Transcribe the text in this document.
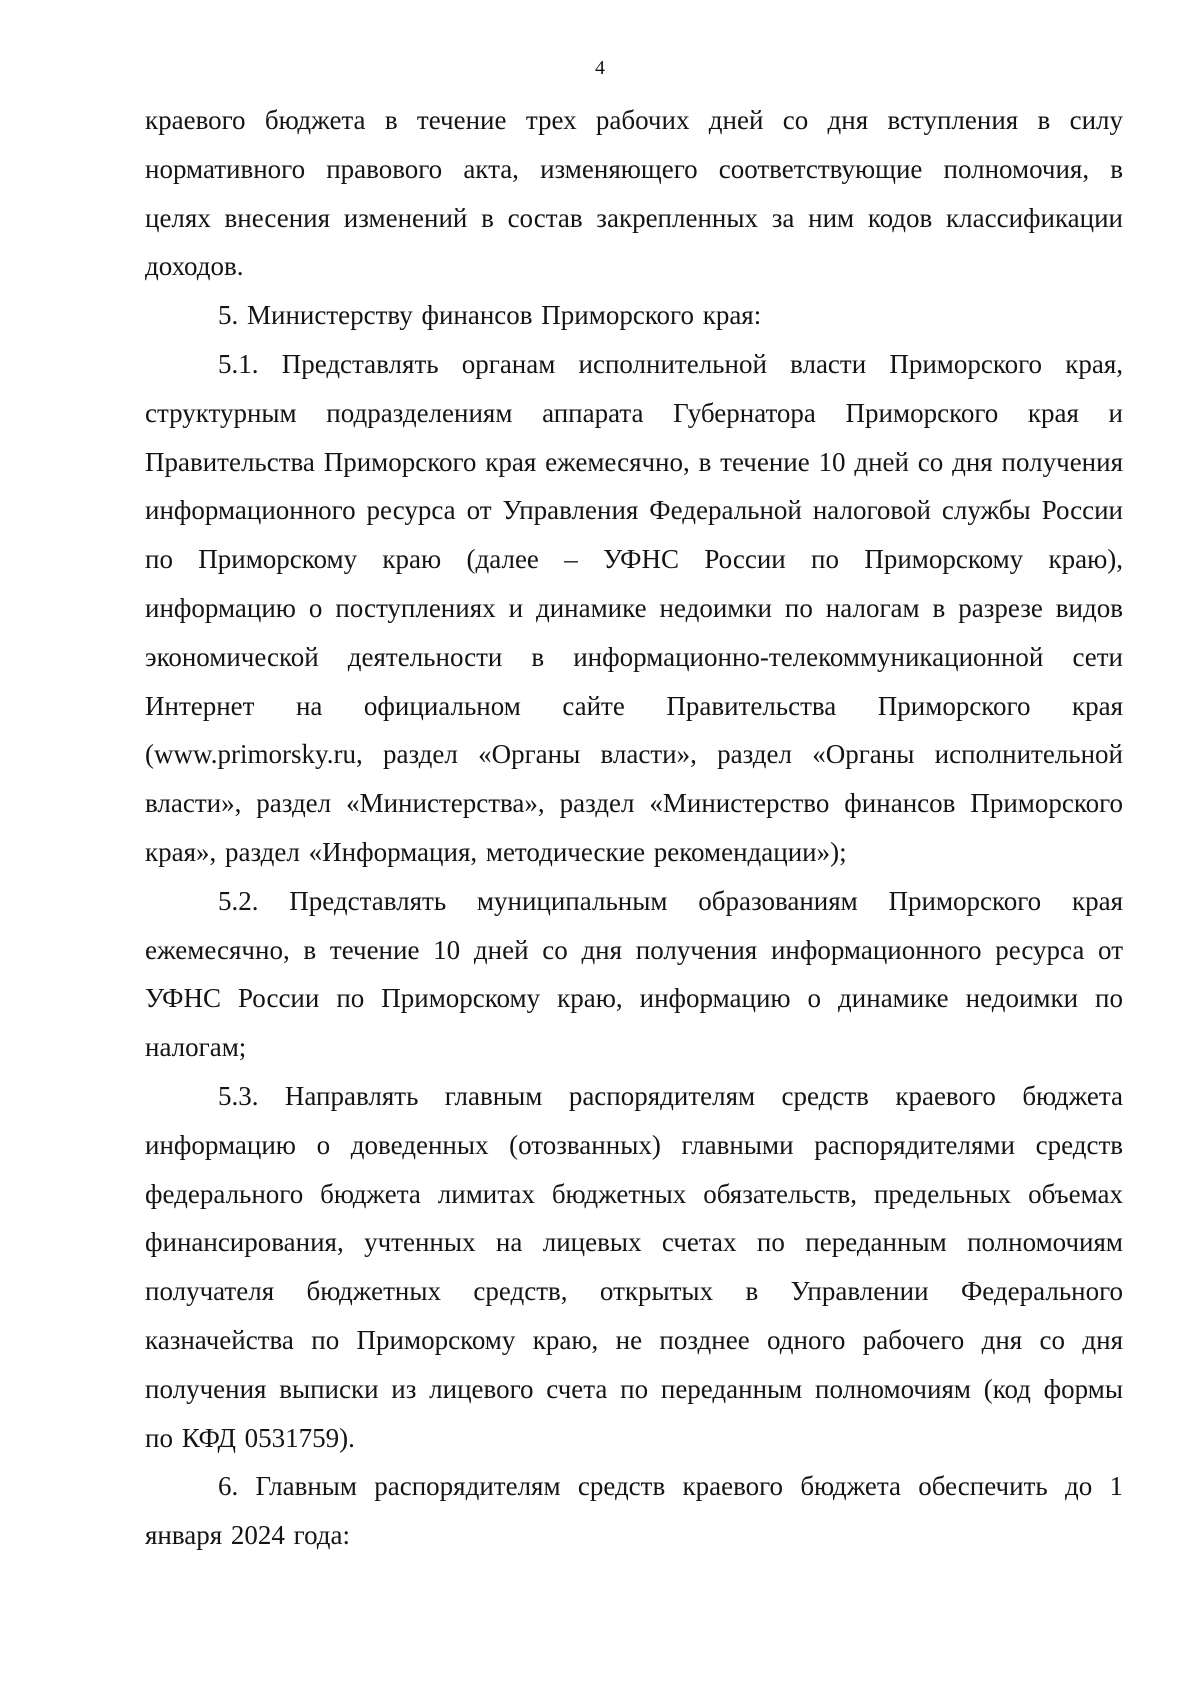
4

краевого бюджета в течение трех рабочих дней со дня вступления в силу нормативного правового акта, изменяющего соответствующие полномочия, в целях внесения изменений в состав закрепленных за ним кодов классификации доходов.

5. Министерству финансов Приморского края:

5.1. Представлять органам исполнительной власти Приморского края, структурным подразделениям аппарата Губернатора Приморского края и Правительства Приморского края ежемесячно, в течение 10 дней со дня получения информационного ресурса от Управления Федеральной налоговой службы России по Приморскому краю (далее – УФНС России по Приморскому краю), информацию о поступлениях и динамике недоимки по налогам в разрезе видов экономической деятельности в информационно-телекоммуникационной сети Интернет на официальном сайте Правительства Приморского края (www.primorsky.ru, раздел «Органы власти», раздел «Органы исполнительной власти», раздел «Министерства», раздел «Министерство финансов Приморского края», раздел «Информация, методические рекомендации»);

5.2. Представлять муниципальным образованиям Приморского края ежемесячно, в течение 10 дней со дня получения информационного ресурса от УФНС России по Приморскому краю, информацию о динамике недоимки по налогам;

5.3. Направлять главным распорядителям средств краевого бюджета информацию о доведенных (отозванных) главными распорядителями средств федерального бюджета лимитах бюджетных обязательств, предельных объемах финансирования, учтенных на лицевых счетах по переданным полномочиям получателя бюджетных средств, открытых в Управлении Федерального казначейства по Приморскому краю, не позднее одного рабочего дня со дня получения выписки из лицевого счета по переданным полномочиям (код формы по КФД 0531759).

6. Главным распорядителям средств краевого бюджета обеспечить до 1 января 2024 года:
